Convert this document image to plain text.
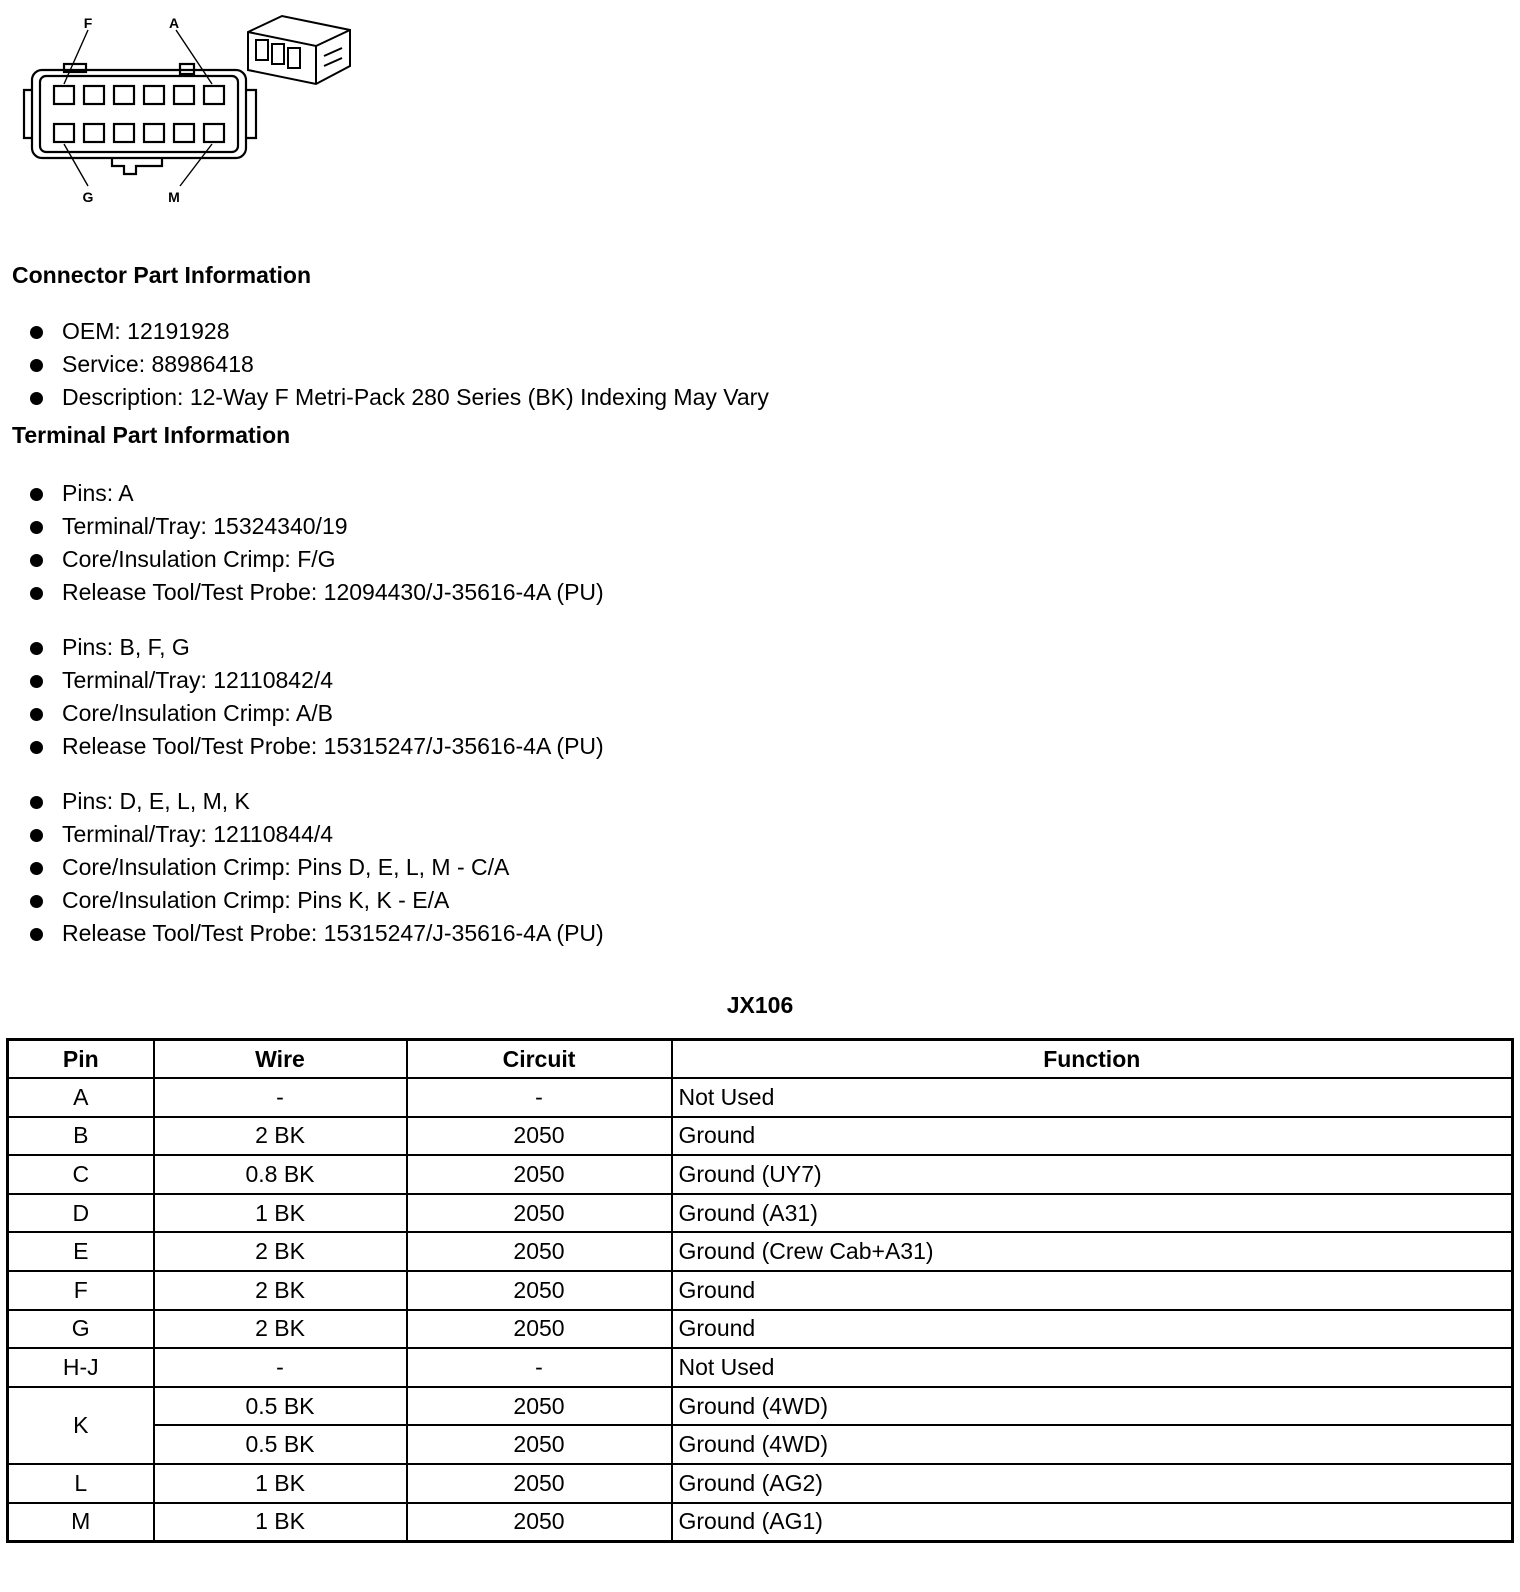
F	A
G	M
Connector Part Information
OEM: 12191928
Service: 88986418
Description: 12-Way F Metri-Pack 280 Series (BK) Indexing May Vary
Terminal Part Information
Pins: A
Terminal/Tray: 15324340/19
Core/Insulation Crimp: F/G
Release Tool/Test Probe: 12094430/J-35616-4A (PU)
Pins: B, F, G
Terminal/Tray: 12110842/4
Core/Insulation Crimp: A/B
Release Tool/Test Probe: 15315247/J-35616-4A (PU)
Pins: D, E, L, M, K
Terminal/Tray: 12110844/4
Core/Insulation Crimp: Pins D, E, L, M - C/A
Core/Insulation Crimp: Pins K, K - E/A
Release Tool/Test Probe: 15315247/J-35616-4A (PU)
JX106
Pin	Wire	Circuit	Function
A	-	-	Not Used
B	2 BK	2050	Ground
C	0.8 BK	2050	Ground (UY7)
D	1 BK	2050	Ground (A31)
E	2 BK	2050	Ground (Crew Cab+A31)
F	2 BK	2050	Ground
G	2 BK	2050	Ground
H-J	-	-	Not Used
K	0.5 BK	2050	Ground (4WD)
	0.5 BK	2050	Ground (4WD)
L	1 BK	2050	Ground (AG2)
M	1 BK	2050	Ground (AG1)
